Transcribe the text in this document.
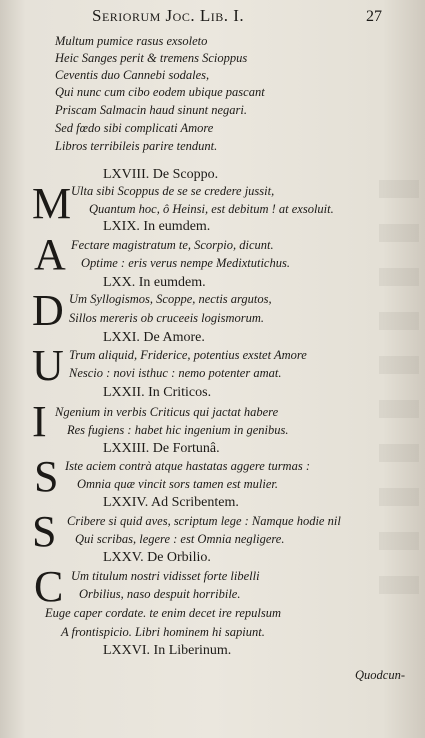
Seriorum Joc. Lib. I.	27
Multum pumice rasus exsoleto
Heic Sanges perit & tremens Scioppus
Ceventis duo Cannebi sodales,
Qui nunc cum cibo eodem ubique pascant
Priscam Salmacin haud sinunt negari.
Sed fœdo sibi complicati Amore
Libros terribileis parire tendunt.
LXVIII. De Scoppo.
M Ulta sibi Scoppus de se se credere jussit,
Quantum hoc, ô Heinsi, est debitum ! at exsoluit.
LXIX. In eumdem.
A Fectare magistratum te, Scorpio, dicunt.
Optime : eris verus nempe Medixtutichus.
LXX. In eumdem.
D Um Syllogismos, Scoppe, nectis argutos,
Sillos mereris ob cruceeis logismorum.
LXXI. De Amore.
U Trum aliquid, Friderice, potentius exstet Amore
Nescio : novi isthuc : nemo potenter amat.
LXXII. In Criticos.
I Ngenium in verbis Criticus qui jactat habere
Res fugiens : habet hic ingenium in genibus.
LXXIII. De Fortunâ.
S Iste aciem contrà atque hastatas aggere turmas :
Omnia quæ vincit sors tamen est mulier.
LXXIV. Ad Scribentem.
S Cribere si quid aves, scriptum lege : Namque hodie nil
Qui scribas, legere : est Omnia negligere.
LXXV. De Orbilio.
C Um titulum nostri vidisset forte libelli
Orbilius, naso despuit horribile.
Euge caper cordate. te enim decet ire repulsum
A frontispicio. Libri hominem hi sapiunt.
LXXVI. In Liberinum.
Quodcun-
